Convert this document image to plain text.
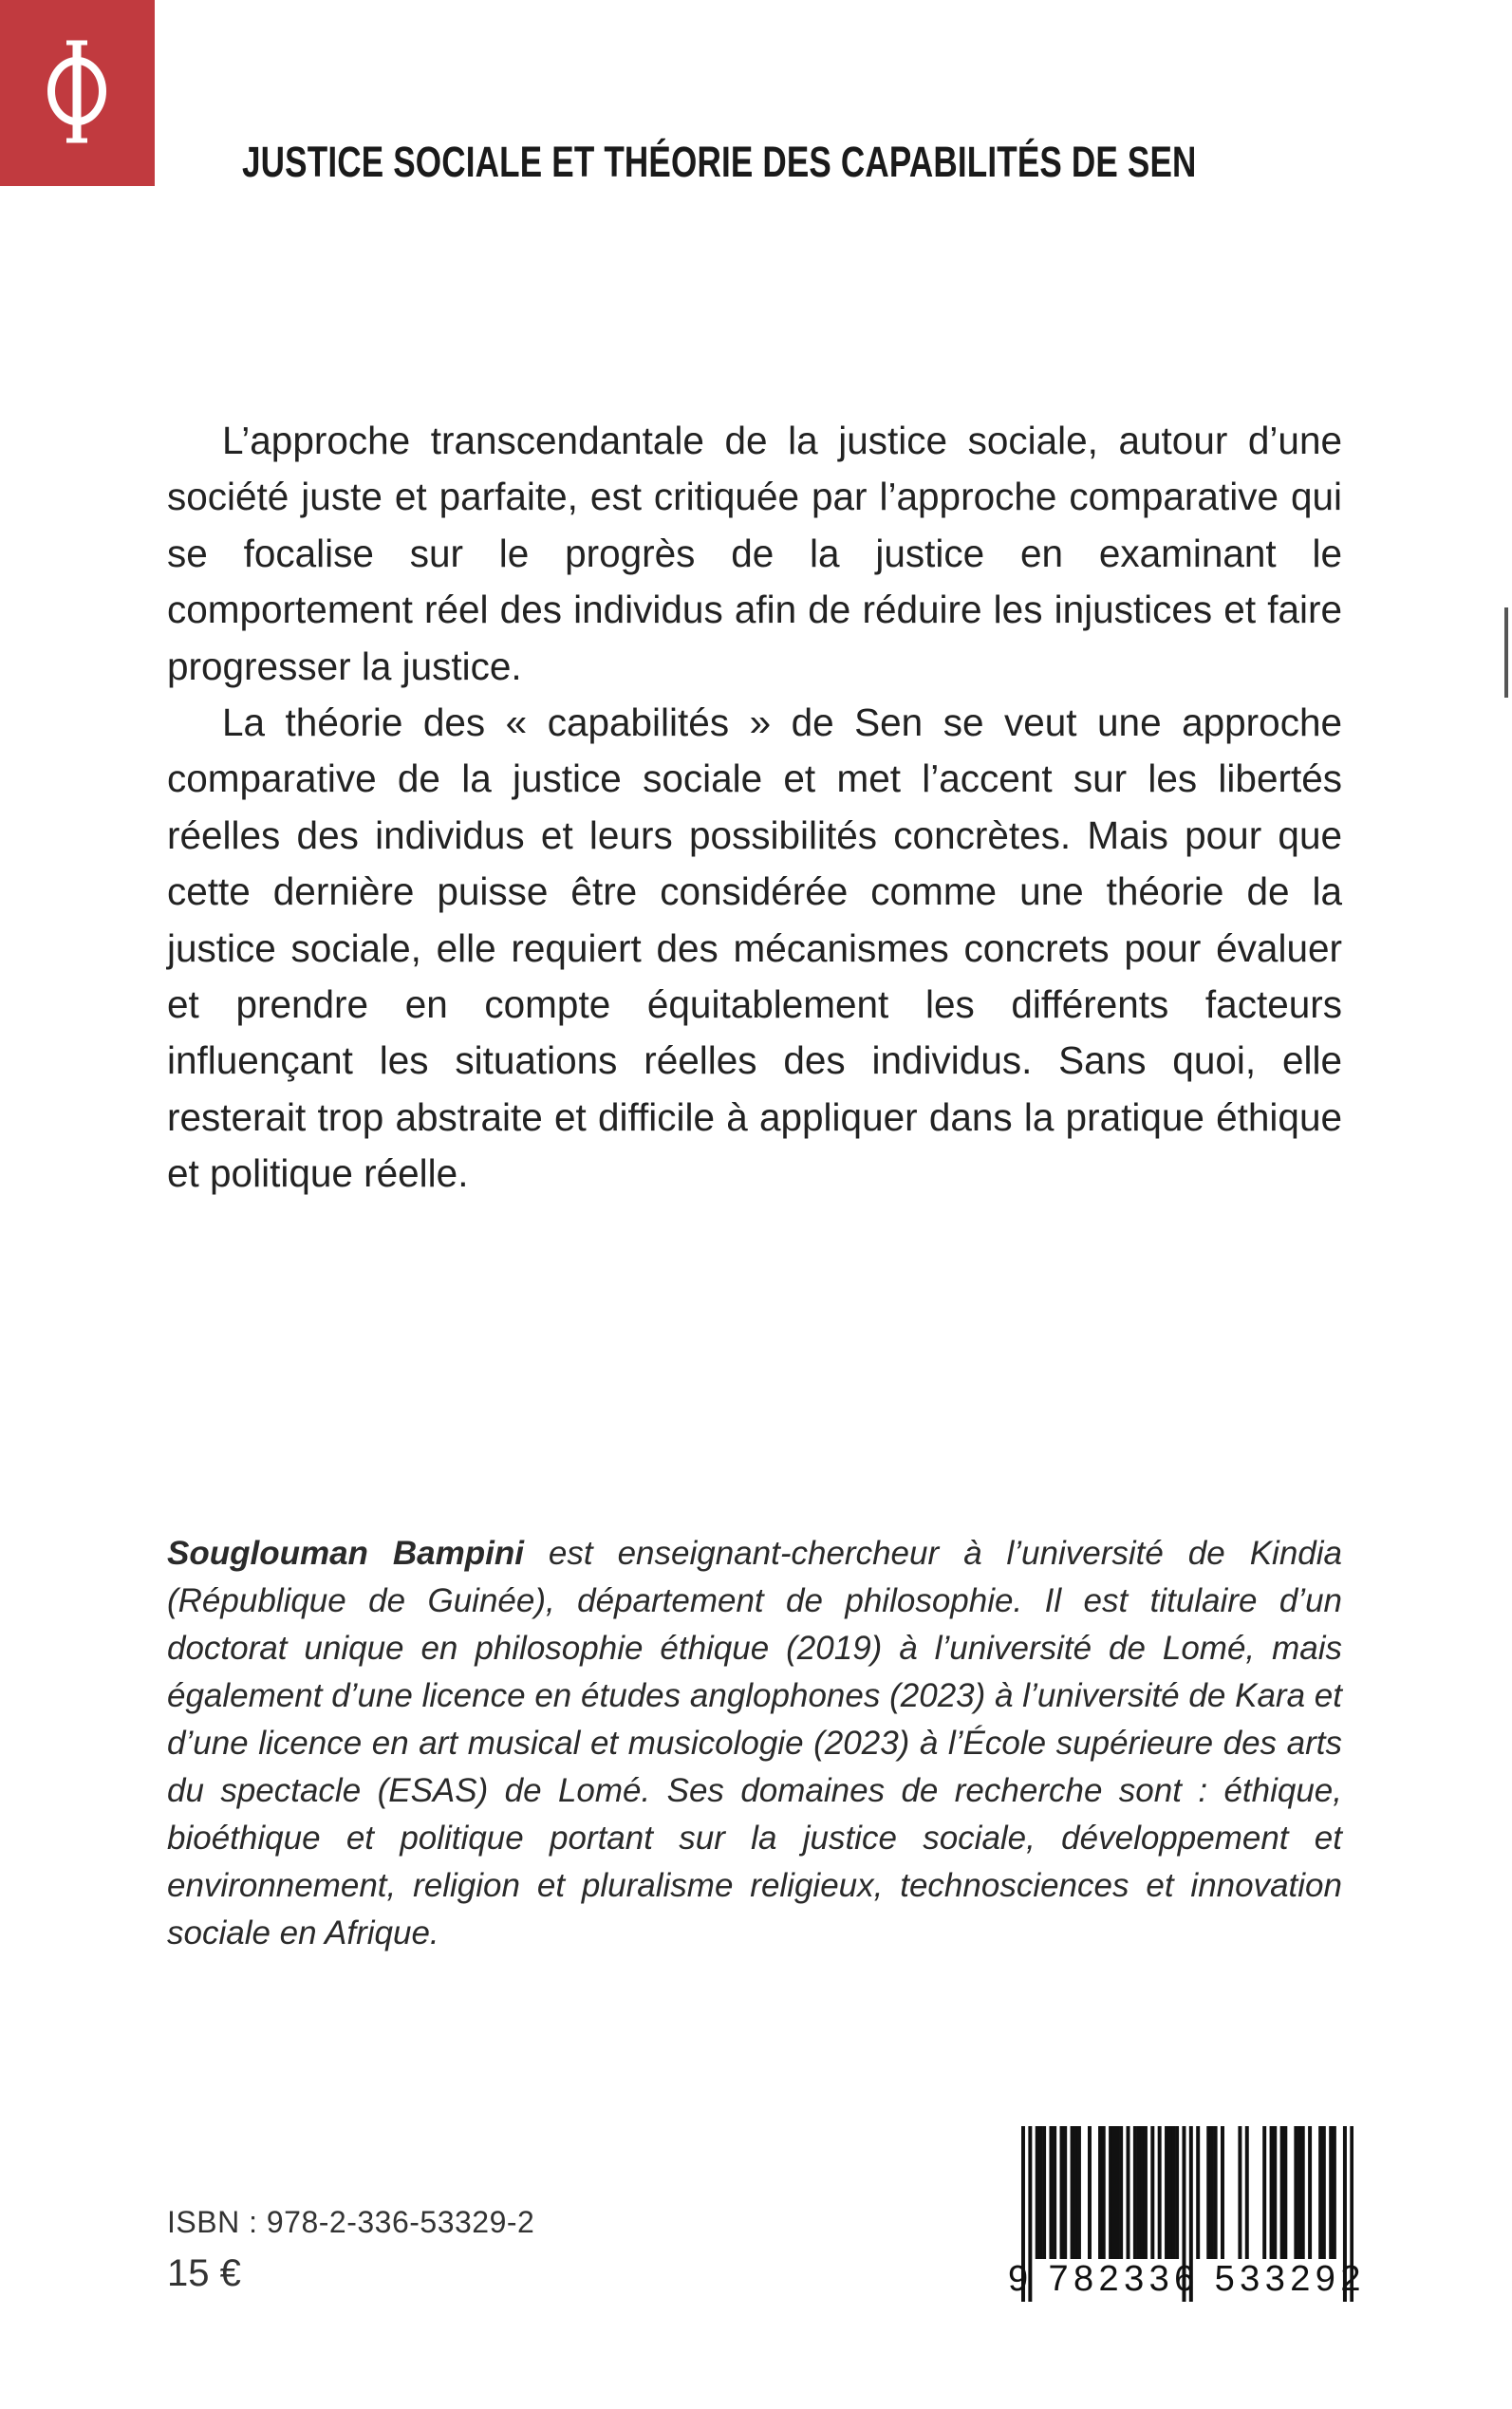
JUSTICE SOCIALE ET THÉORIE DES CAPABILITÉS DE SEN

L’approche transcendantale de la justice sociale, autour d’une société juste et parfaite, est critiquée par l’approche comparative qui se focalise sur le progrès de la justice en examinant le comportement réel des individus afin de réduire les injustices et faire progresser la justice.

La théorie des « capabilités » de Sen se veut une approche comparative de la justice sociale et met l’accent sur les libertés réelles des individus et leurs possibilités concrètes. Mais pour que cette dernière puisse être considérée comme une théorie de la justice sociale, elle requiert des mécanismes concrets pour évaluer et prendre en compte équitablement les différents facteurs influençant les situations réelles des individus. Sans quoi, elle resterait trop abstraite et difficile à appliquer dans la pratique éthique et politique réelle.

Souglouman Bampini est enseignant-chercheur à l’université de Kindia (République de Guinée), département de philosophie. Il est titulaire d’un doctorat unique en philosophie éthique (2019) à l’université de Lomé, mais également d’une licence en études anglophones (2023) à l’université de Kara et d’une licence en art musical et musicologie (2023) à l’École supérieure des arts du spectacle (ESAS) de Lomé. Ses domaines de recherche sont : éthique, bioéthique et politique portant sur la justice sociale, développement et environnement, religion et pluralisme religieux, technosciences et innovation sociale en Afrique.

ISBN : 978-2-336-53329-2
15 €	9 782336 533292
